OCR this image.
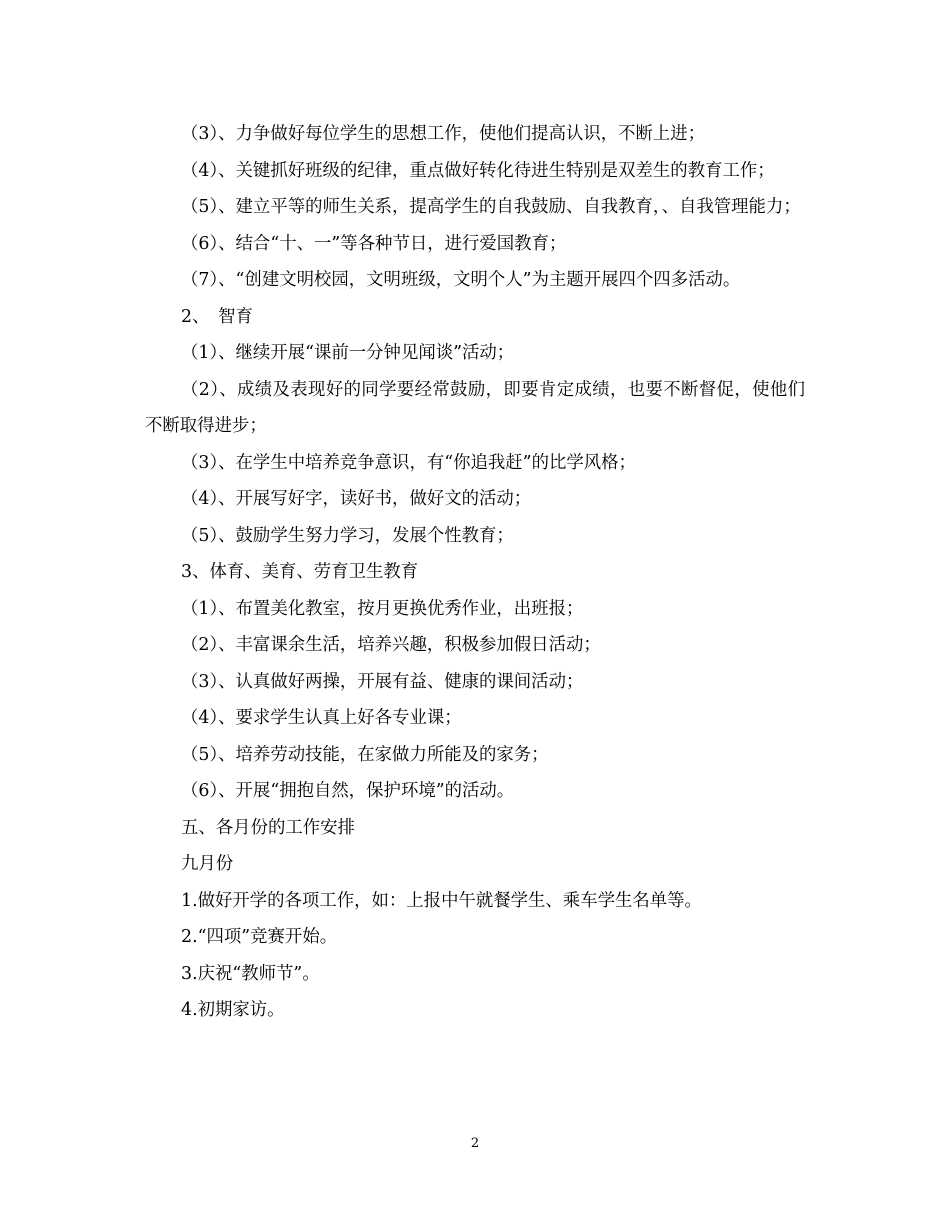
（3）、力争做好每位学生的思想工作，使他们提高认识，不断上进；

（4）、关键抓好班级的纪律，重点做好转化待进生特别是双差生的教育工作；

（5）、建立平等的师生关系，提高学生的自我鼓励、自我教育，、自我管理能力；

（6）、结合“十、一”等各种节日，进行爱国教育；

（7）、“创建文明校园，文明班级，文明个人”为主题开展四个四多活动。

2、　智育

（1）、继续开展“课前一分钟见闻谈”活动；

（2）、成绩及表现好的同学要经常鼓励，即要肯定成绩，也要不断督促，使他们不断取得进步；

（3）、在学生中培养竞争意识，有“你追我赶”的比学风格；

（4）、开展写好字，读好书，做好文的活动；

（5）、鼓励学生努力学习，发展个性教育；

3、体育、美育、劳育卫生教育

（1）、布置美化教室，按月更换优秀作业，出班报；

（2）、丰富课余生活，培养兴趣，积极参加假日活动；

（3）、认真做好两操，开展有益、健康的课间活动；

（4）、要求学生认真上好各专业课；

（5）、培养劳动技能，在家做力所能及的家务；

（6）、开展“拥抱自然，保护环境”的活动。

五、各月份的工作安排

九月份

1.做好开学的各项工作，如：上报中午就餐学生、乘车学生名单等。

2.“四项”竞赛开始。

3.庆祝“教师节”。

4.初期家访。

2
